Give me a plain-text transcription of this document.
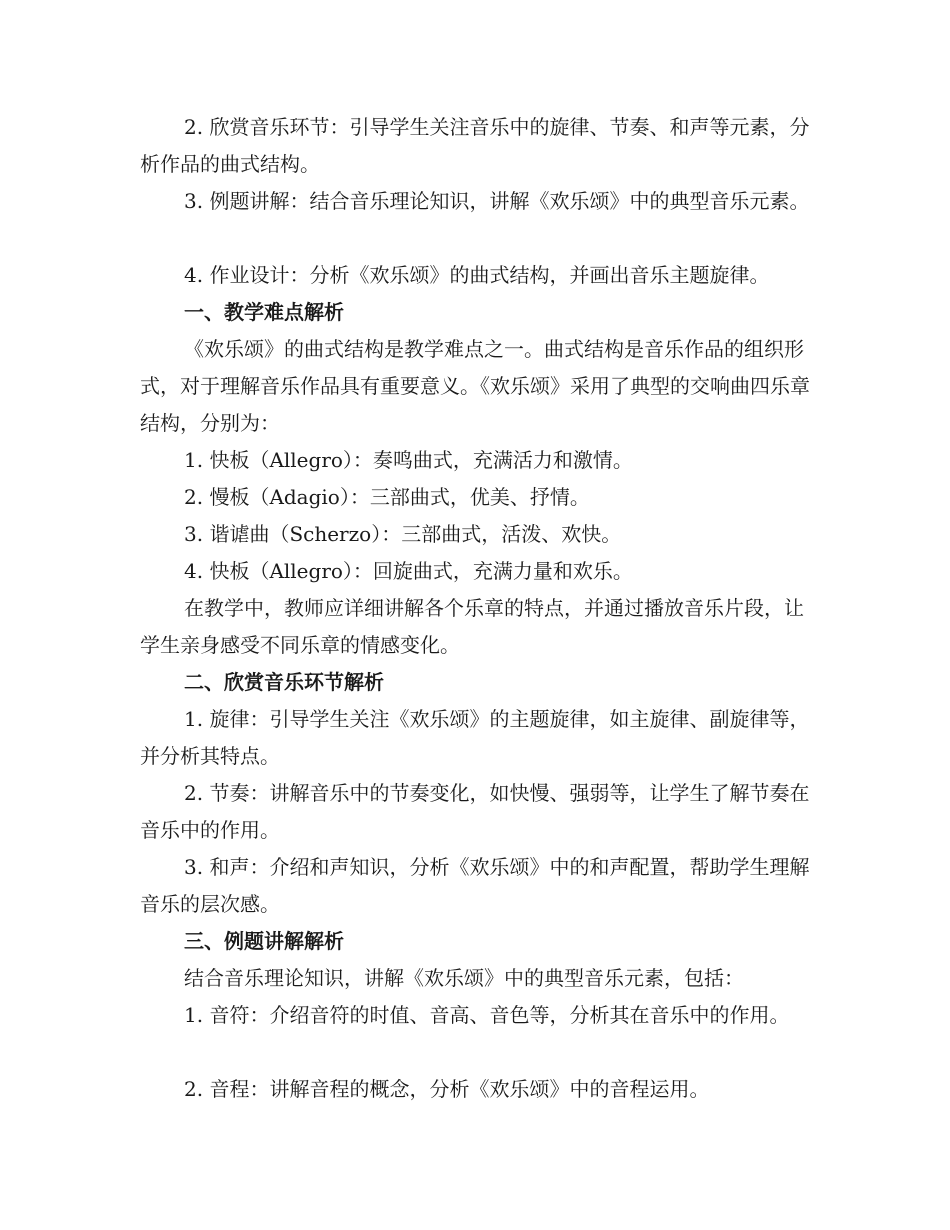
2. 欣赏音乐环节：引导学生关注音乐中的旋律、节奏、和声等元素，分析作品的曲式结构。

3. 例题讲解：结合音乐理论知识，讲解《欢乐颂》中的典型音乐元素。

4. 作业设计：分析《欢乐颂》的曲式结构，并画出音乐主题旋律。

一、教学难点解析

《欢乐颂》的曲式结构是教学难点之一。曲式结构是音乐作品的组织形式，对于理解音乐作品具有重要意义。《欢乐颂》采用了典型的交响曲四乐章结构，分别为：

1. 快板（Allegro）：奏鸣曲式，充满活力和激情。

2. 慢板（Adagio）：三部曲式，优美、抒情。

3. 谐谑曲（Scherzo）：三部曲式，活泼、欢快。

4. 快板（Allegro）：回旋曲式，充满力量和欢乐。

在教学中，教师应详细讲解各个乐章的特点，并通过播放音乐片段，让学生亲身感受不同乐章的情感变化。

二、欣赏音乐环节解析

1. 旋律：引导学生关注《欢乐颂》的主题旋律，如主旋律、副旋律等，并分析其特点。

2. 节奏：讲解音乐中的节奏变化，如快慢、强弱等，让学生了解节奏在音乐中的作用。

3. 和声：介绍和声知识，分析《欢乐颂》中的和声配置，帮助学生理解音乐的层次感。

三、例题讲解解析

结合音乐理论知识，讲解《欢乐颂》中的典型音乐元素，包括：

1. 音符：介绍音符的时值、音高、音色等，分析其在音乐中的作用。

2. 音程：讲解音程的概念，分析《欢乐颂》中的音程运用。
